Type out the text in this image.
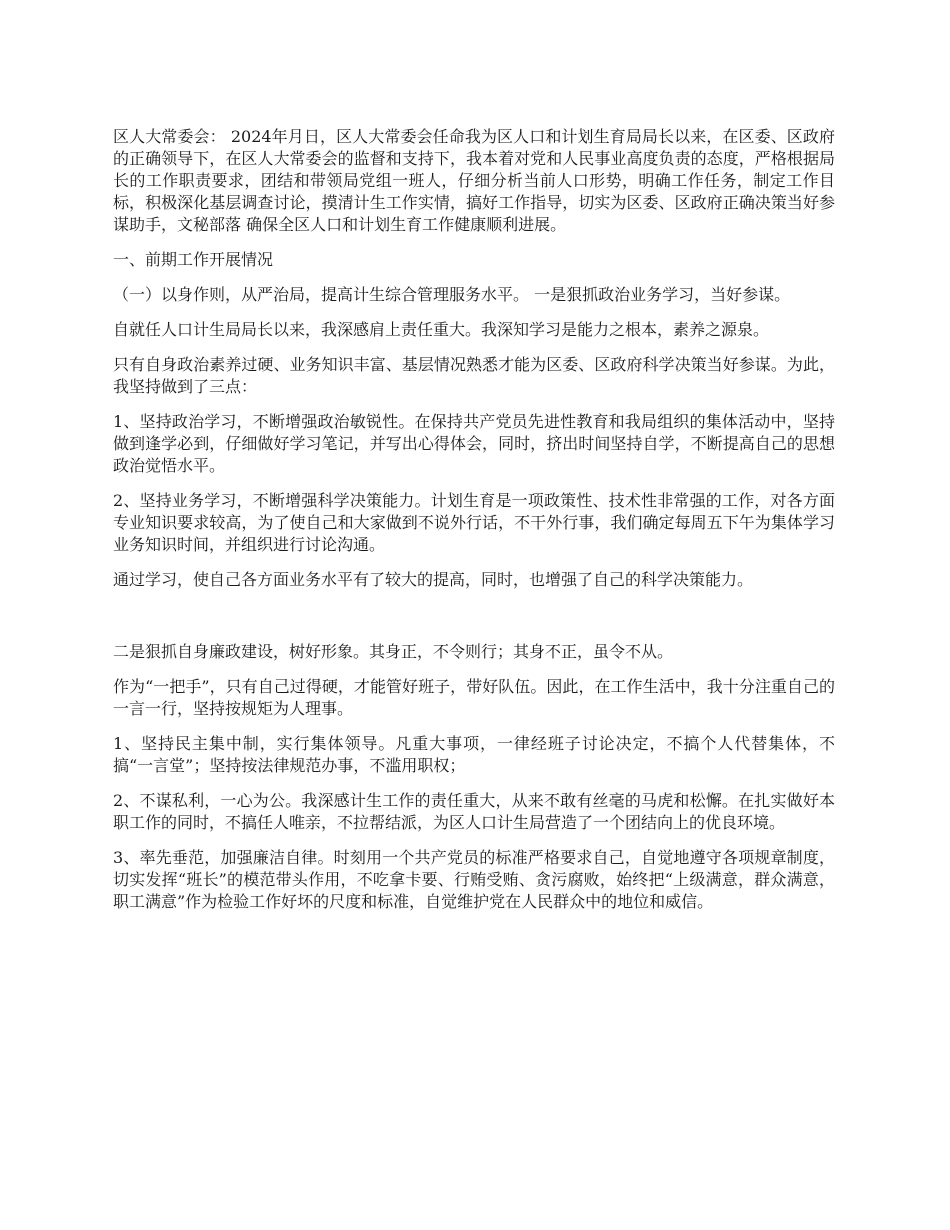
区人大常委会： 2024年月日，区人大常委会任命我为区人口和计划生育局局长以来，在区委、区政府的正确领导下，在区人大常委会的监督和支持下，我本着对党和人民事业高度负责的态度，严格根据局长的工作职责要求，团结和带领局党组一班人，仔细分析当前人口形势，明确工作任务，制定工作目标，积极深化基层调查讨论，摸清计生工作实情，搞好工作指导，切实为区委、区政府正确决策当好参谋助手，文秘部落 确保全区人口和计划生育工作健康顺利进展。

一、前期工作开展情况

（一）以身作则，从严治局，提高计生综合管理服务水平。 一是狠抓政治业务学习，当好参谋。

自就任人口计生局局长以来，我深感肩上责任重大。我深知学习是能力之根本，素养之源泉。

只有自身政治素养过硬、业务知识丰富、基层情况熟悉才能为区委、区政府科学决策当好参谋。为此，我坚持做到了三点：

1、坚持政治学习，不断增强政治敏锐性。在保持共产党员先进性教育和我局组织的集体活动中，坚持做到逢学必到，仔细做好学习笔记，并写出心得体会，同时，挤出时间坚持自学，不断提高自己的思想政治觉悟水平。

2、坚持业务学习，不断增强科学决策能力。计划生育是一项政策性、技术性非常强的工作，对各方面专业知识要求较高，为了使自己和大家做到不说外行话，不干外行事，我们确定每周五下午为集体学习业务知识时间，并组织进行讨论沟通。

通过学习，使自己各方面业务水平有了较大的提高，同时，也增强了自己的科学决策能力。

二是狠抓自身廉政建设，树好形象。其身正，不令则行；其身不正，虽令不从。

作为“一把手”，只有自己过得硬，才能管好班子，带好队伍。因此，在工作生活中，我十分注重自己的一言一行，坚持按规矩为人理事。

1、坚持民主集中制，实行集体领导。凡重大事项，一律经班子讨论决定，不搞个人代替集体，不搞“一言堂”；坚持按法律规范办事，不滥用职权；

2、不谋私利，一心为公。我深感计生工作的责任重大，从来不敢有丝毫的马虎和松懈。在扎实做好本职工作的同时，不搞任人唯亲，不拉帮结派，为区人口计生局营造了一个团结向上的优良环境。

3、率先垂范，加强廉洁自律。时刻用一个共产党员的标准严格要求自己，自觉地遵守各项规章制度，切实发挥“班长”的模范带头作用，不吃拿卡要、行贿受贿、贪污腐败，始终把“上级满意，群众满意，职工满意”作为检验工作好坏的尺度和标准，自觉维护党在人民群众中的地位和威信。
